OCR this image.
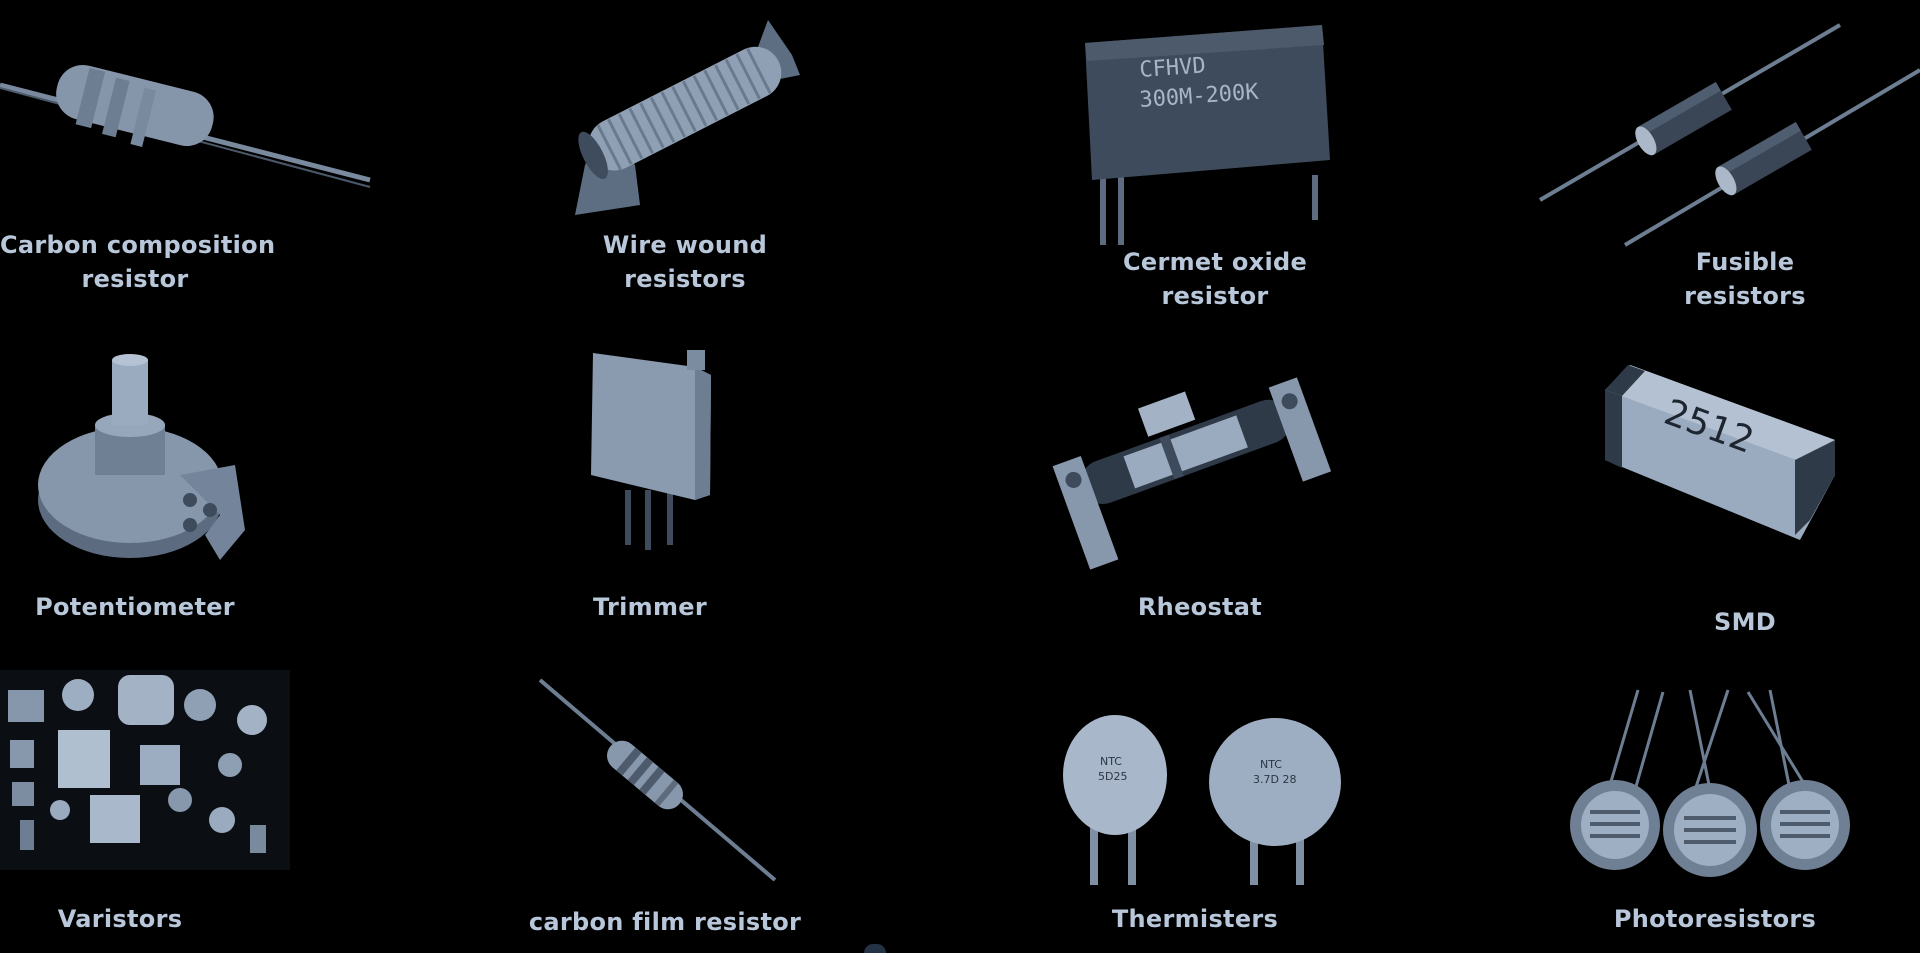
Carbon composition
resistor
Wire wound
resistors
CFHVD
300M-200K
Cermet oxide
resistor
Fusible
resistors
Potentiometer	Trimmer	Rheostat
2512
SMD
Varistors	carbon film resistor
NTC
5D25
NTC
3.7D 28
Thermisters	Photoresistors
